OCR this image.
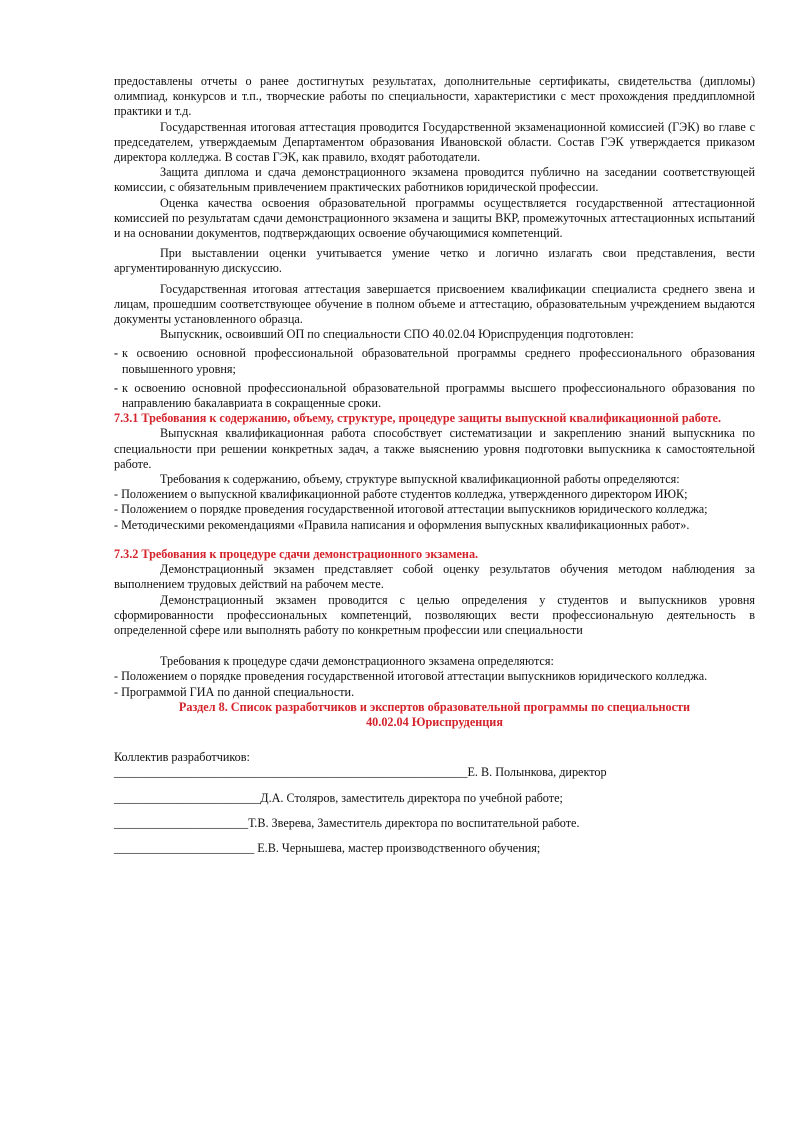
предоставлены отчеты о ранее достигнутых результатах, дополнительные сертификаты, свидетельства (дипломы) олимпиад, конкурсов и т.п., творческие работы по специальности, характеристики с мест прохождения преддипломной практики и т.д.

Государственная итоговая аттестация проводится Государственной экзаменационной комиссией (ГЭК) во главе с председателем, утверждаемым Департаментом образования Ивановской области. Состав ГЭК утверждается приказом директора колледжа. В состав ГЭК, как правило, входят работодатели.

Защита диплома и сдача демонстрационного экзамена проводится публично на заседании соответствующей комиссии, с обязательным привлечением практических работников юридической профессии.

Оценка качества освоения образовательной программы осуществляется государственной аттестационной комиссией по результатам сдачи демонстрационного экзамена и защиты ВКР, промежуточных аттестационных испытаний и на основании документов, подтверждающих освоение обучающимися компетенций.

При выставлении оценки учитывается умение четко и логично излагать свои представления, вести аргументированную дискуссию.

Государственная итоговая аттестация завершается присвоением квалификации специалиста среднего звена и лицам, прошедшим соответствующее обучение в полном объеме и аттестацию, образовательным учреждением выдаются документы установленного образца.

Выпускник, освоивший ОП по специальности СПО 40.02.04 Юриспруденция подготовлен:

- к освоению основной профессиональной образовательной программы среднего профессионального образования повышенного уровня;
- к освоению основной профессиональной образовательной программы высшего профессионального образования по направлению бакалавриата в сокращенные сроки.

7.3.1 Требования к содержанию, объему, структуре, процедуре защиты выпускной квалификационной работе.

Выпускная квалификационная работа способствует систематизации и закреплению знаний выпускника по специальности при решении конкретных задач, а также выяснению уровня подготовки выпускника к самостоятельной работе.

Требования к содержанию, объему, структуре выпускной квалификационной работы определяются:

- Положением о выпускной квалификационной работе студентов колледжа, утвержденного директором ИЮК;

- Положением о порядке проведения государственной итоговой аттестации выпускников юридического колледжа;

- Методическими рекомендациями «Правила написания и оформления выпускных квалификационных работ».

7.3.2 Требования к процедуре сдачи демонстрационного экзамена.

Демонстрационный экзамен представляет собой оценку результатов обучения методом наблюдения за выполнением трудовых действий на рабочем месте.

Демонстрационный экзамен проводится с целью определения у студентов и выпускников уровня сформированности профессиональных компетенций, позволяющих вести профессиональную деятельность в определенной сфере или выполнять работу по конкретным профессии или специальности

Требования к процедуре сдачи демонстрационного экзамена определяются:

- Положением о порядке проведения государственной итоговой аттестации выпускников юридического колледжа.

- Программой ГИА по данной специальности.

Раздел 8. Список разработчиков и экспертов образовательной программы по специальности

40.02.04 Юриспруденция

Коллектив разработчиков:

__________________________________________________________Е. В. Полынкова, директор
________________________Д.А. Столяров, заместитель директора по учебной работе;
______________________Т.В. Зверева, Заместитель директора по воспитательной работе.
_______________________ Е.В. Чернышева, мастер производственного обучения;
